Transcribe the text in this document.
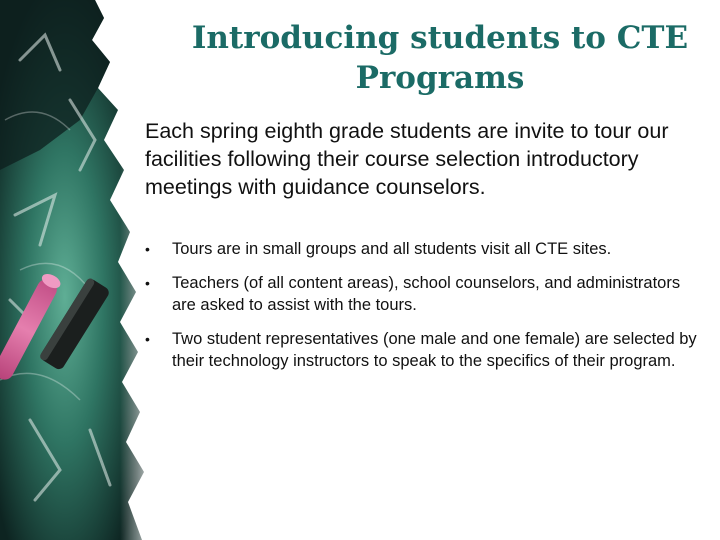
Introducing students to CTE Programs

Each spring eighth grade students are invite to tour our facilities following their course selection introductory meetings with guidance counselors.

• Tours are in small groups and all students visit all CTE sites.
• Teachers (of all content areas), school counselors, and administrators are asked to assist with the tours.
• Two student representatives (one male and one female) are selected by their technology instructors to speak to the specifics of their program.
